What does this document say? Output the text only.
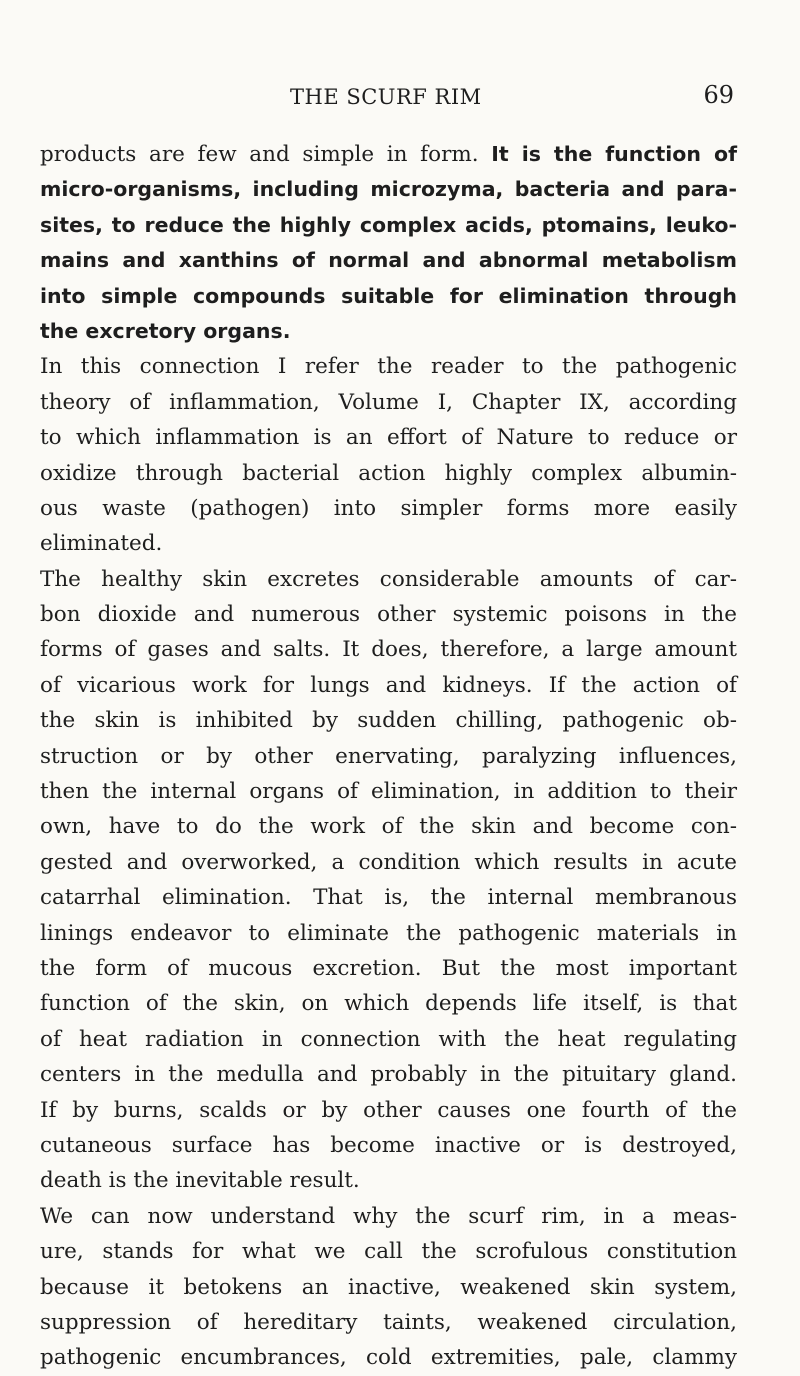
THE SCURF RIM	69
products are few and simple in form. It is the function of
micro-organisms, including microzyma, bacteria and para-
sites, to reduce the highly complex acids, ptomains, leuko-
mains and xanthins of normal and abnormal metabolism
into simple compounds suitable for elimination through
the excretory organs.
In this connection I refer the reader to the pathogenic
theory of inflammation, Volume I, Chapter IX, according
to which inflammation is an effort of Nature to reduce or
oxidize through bacterial action highly complex albumin-
ous waste (pathogen) into simpler forms more easily
eliminated.
The healthy skin excretes considerable amounts of car-
bon dioxide and numerous other systemic poisons in the
forms of gases and salts. It does, therefore, a large amount
of vicarious work for lungs and kidneys. If the action of
the skin is inhibited by sudden chilling, pathogenic ob-
struction or by other enervating, paralyzing influences,
then the internal organs of elimination, in addition to their
own, have to do the work of the skin and become con-
gested and overworked, a condition which results in acute
catarrhal elimination. That is, the internal membranous
linings endeavor to eliminate the pathogenic materials in
the form of mucous excretion. But the most important
function of the skin, on which depends life itself, is that
of heat radiation in connection with the heat regulating
centers in the medulla and probably in the pituitary gland.
If by burns, scalds or by other causes one fourth of the
cutaneous surface has become inactive or is destroyed,
death is the inevitable result.
We can now understand why the scurf rim, in a meas-
ure, stands for what we call the scrofulous constitution
because it betokens an inactive, weakened skin system,
suppression of hereditary taints, weakened circulation,
pathogenic encumbrances, cold extremities, pale, clammy
